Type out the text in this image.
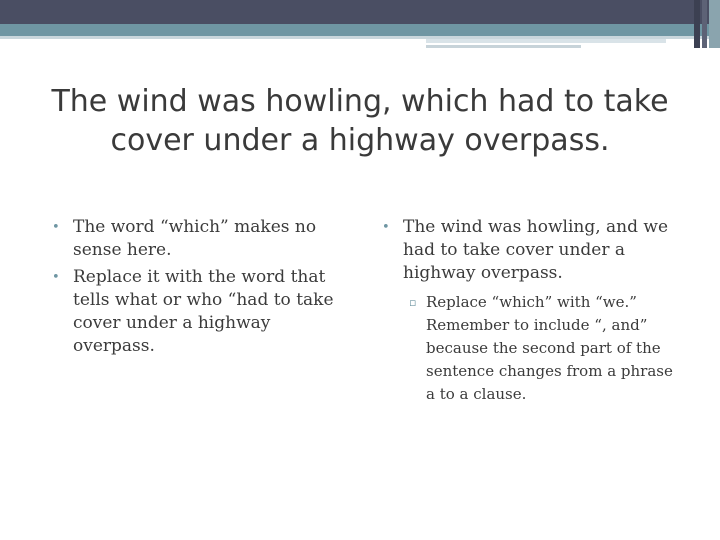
The wind was howling, which had to take cover under a highway overpass.
• The word “which” makes no sense here.
• Replace it with the word that tells what or who “had to take cover under a highway overpass.
• The wind was howling, and we had to take cover under a highway overpass.
▫ Replace “which” with “we.” Remember to include “, and” because the second part of the sentence changes from a phrase a to a clause.
